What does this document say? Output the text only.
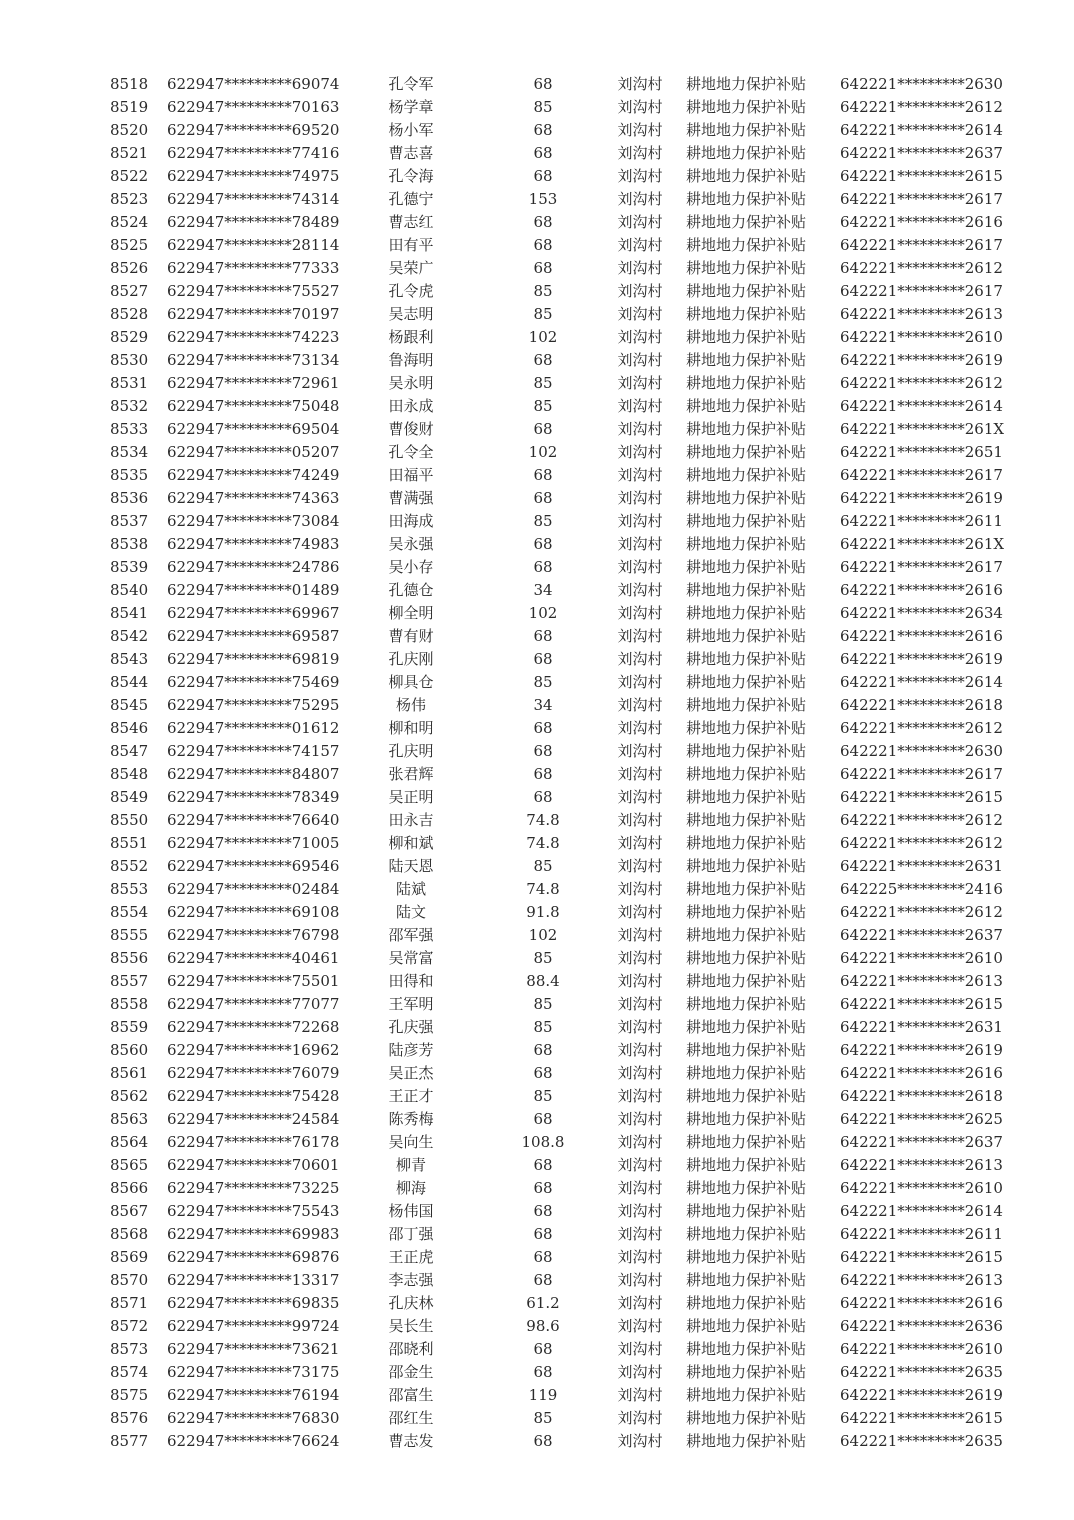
8518	622947*********69074	孔令军	68	刘沟村 耕地地力保护补贴	642221*********2630
8519	622947*********70163	杨学章	85	刘沟村 耕地地力保护补贴	642221*********2612
8520	622947*********69520	杨小军	68	刘沟村 耕地地力保护补贴	642221*********2614
8521	622947*********77416	曹志喜	68	刘沟村 耕地地力保护补贴	642221*********2637
8522	622947*********74975	孔令海	68	刘沟村 耕地地力保护补贴	642221*********2615
8523	622947*********74314	孔德宁	153	刘沟村 耕地地力保护补贴	642221*********2617
8524	622947*********78489	曹志红	68	刘沟村 耕地地力保护补贴	642221*********2616
8525	622947*********28114	田有平	68	刘沟村 耕地地力保护补贴	642221*********2617
8526	622947*********77333	吴荣广	68	刘沟村 耕地地力保护补贴	642221*********2612
8527	622947*********75527	孔令虎	85	刘沟村 耕地地力保护补贴	642221*********2617
8528	622947*********70197	吴志明	85	刘沟村 耕地地力保护补贴	642221*********2613
8529	622947*********74223	杨跟利	102	刘沟村 耕地地力保护补贴	642221*********2610
8530	622947*********73134	鲁海明	68	刘沟村 耕地地力保护补贴	642221*********2619
8531	622947*********72961	吴永明	85	刘沟村 耕地地力保护补贴	642221*********2612
8532	622947*********75048	田永成	85	刘沟村 耕地地力保护补贴	642221*********2614
8533	622947*********69504	曹俊财	68	刘沟村 耕地地力保护补贴	642221*********261X
8534	622947*********05207	孔令全	102	刘沟村 耕地地力保护补贴	642221*********2651
8535	622947*********74249	田福平	68	刘沟村 耕地地力保护补贴	642221*********2617
8536	622947*********74363	曹满强	68	刘沟村 耕地地力保护补贴	642221*********2619
8537	622947*********73084	田海成	85	刘沟村 耕地地力保护补贴	642221*********2611
8538	622947*********74983	吴永强	68	刘沟村 耕地地力保护补贴	642221*********261X
8539	622947*********24786	吴小存	68	刘沟村 耕地地力保护补贴	642221*********2617
8540	622947*********01489	孔德仓	34	刘沟村 耕地地力保护补贴	642221*********2616
8541	622947*********69967	柳全明	102	刘沟村 耕地地力保护补贴	642221*********2634
8542	622947*********69587	曹有财	68	刘沟村 耕地地力保护补贴	642221*********2616
8543	622947*********69819	孔庆刚	68	刘沟村 耕地地力保护补贴	642221*********2619
8544	622947*********75469	柳具仓	85	刘沟村 耕地地力保护补贴	642221*********2614
8545	622947*********75295	杨伟	34	刘沟村 耕地地力保护补贴	642221*********2618
8546	622947*********01612	柳和明	68	刘沟村 耕地地力保护补贴	642221*********2612
8547	622947*********74157	孔庆明	68	刘沟村 耕地地力保护补贴	642221*********2630
8548	622947*********84807	张君辉	68	刘沟村 耕地地力保护补贴	642221*********2617
8549	622947*********78349	吴正明	68	刘沟村 耕地地力保护补贴	642221*********2615
8550	622947*********76640	田永吉	74.8	刘沟村 耕地地力保护补贴	642221*********2612
8551	622947*********71005	柳和斌	74.8	刘沟村 耕地地力保护补贴	642221*********2612
8552	622947*********69546	陆天恩	85	刘沟村 耕地地力保护补贴	642221*********2631
8553	622947*********02484	陆斌	74.8	刘沟村 耕地地力保护补贴	642225*********2416
8554	622947*********69108	陆文	91.8	刘沟村 耕地地力保护补贴	642221*********2612
8555	622947*********76798	邵军强	102	刘沟村 耕地地力保护补贴	642221*********2637
8556	622947*********40461	吴常富	85	刘沟村 耕地地力保护补贴	642221*********2610
8557	622947*********75501	田得和	88.4	刘沟村 耕地地力保护补贴	642221*********2613
8558	622947*********77077	王军明	85	刘沟村 耕地地力保护补贴	642221*********2615
8559	622947*********72268	孔庆强	85	刘沟村 耕地地力保护补贴	642221*********2631
8560	622947*********16962	陆彦芳	68	刘沟村 耕地地力保护补贴	642221*********2619
8561	622947*********76079	吴正杰	68	刘沟村 耕地地力保护补贴	642221*********2616
8562	622947*********75428	王正才	85	刘沟村 耕地地力保护补贴	642221*********2618
8563	622947*********24584	陈秀梅	68	刘沟村 耕地地力保护补贴	642221*********2625
8564	622947*********76178	吴向生	108.8	刘沟村 耕地地力保护补贴	642221*********2637
8565	622947*********70601	柳青	68	刘沟村 耕地地力保护补贴	642221*********2613
8566	622947*********73225	柳海	68	刘沟村 耕地地力保护补贴	642221*********2610
8567	622947*********75543	杨伟国	68	刘沟村 耕地地力保护补贴	642221*********2614
8568	622947*********69983	邵丁强	68	刘沟村 耕地地力保护补贴	642221*********2611
8569	622947*********69876	王正虎	68	刘沟村 耕地地力保护补贴	642221*********2615
8570	622947*********13317	李志强	68	刘沟村 耕地地力保护补贴	642221*********2613
8571	622947*********69835	孔庆林	61.2	刘沟村 耕地地力保护补贴	642221*********2616
8572	622947*********99724	吴长生	98.6	刘沟村 耕地地力保护补贴	642221*********2636
8573	622947*********73621	邵晓利	68	刘沟村 耕地地力保护补贴	642221*********2610
8574	622947*********73175	邵金生	68	刘沟村 耕地地力保护补贴	642221*********2635
8575	622947*********76194	邵富生	119	刘沟村 耕地地力保护补贴	642221*********2619
8576	622947*********76830	邵红生	85	刘沟村 耕地地力保护补贴	642221*********2615
8577	622947*********76624	曹志发	68	刘沟村 耕地地力保护补贴	642221*********2635
